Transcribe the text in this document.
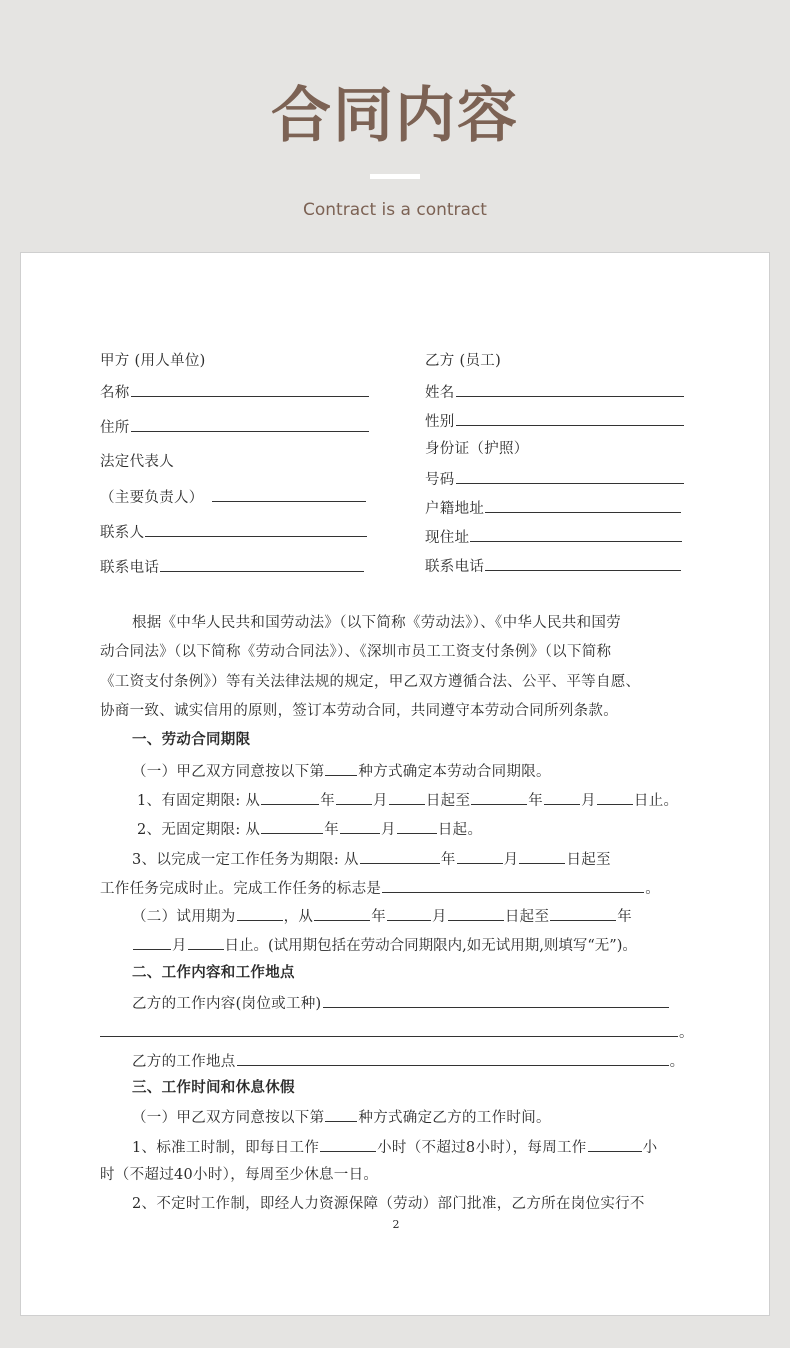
合同内容
Contract is a contract
甲方 (用人单位)
名称
住所
法定代表人
（主要负责人）
联系人
联系电话
乙方 (员工)
姓名
性别
身份证（护照）
号码
户籍地址
现住址
联系电话
根据《中华人民共和国劳动法》（以下简称《劳动法》）、《中华人民共和国劳
动合同法》（以下简称《劳动合同法》）、《深圳市员工工资支付条例》（以下简称
《工资支付条例》）等有关法律法规的规定，甲乙双方遵循合法、公平、平等自愿、
协商一致、诚实信用的原则，签订本劳动合同，共同遵守本劳动合同所列条款。
一、劳动合同期限
（一）甲乙双方同意按以下第 种方式确定本劳动合同期限。
1、有固定期限: 从	年	月	日起至	年	月	日止。
2、无固定期限: 从	年	月	日起。
3、以完成一定工作任务为期限: 从	年	月	日起至
工作任务完成时止。完成工作任务的标志是	。
（二）试用期为	，从	年	月	日起至	年
月	日止。(试用期包括在劳动合同期限内,如无试用期,则填写“无”)。
二、工作内容和工作地点
乙方的工作内容(岗位或工种)
。
乙方的工作地点	。
三、工作时间和休息休假
（一）甲乙双方同意按以下第 种方式确定乙方的工作时间。
1、标准工时制，即每日工作	小时（不超过8小时），每周工作	小
时（不超过40小时），每周至少休息一日。
2、不定时工作制，即经人力资源保障（劳动）部门批准，乙方所在岗位实行不
2
